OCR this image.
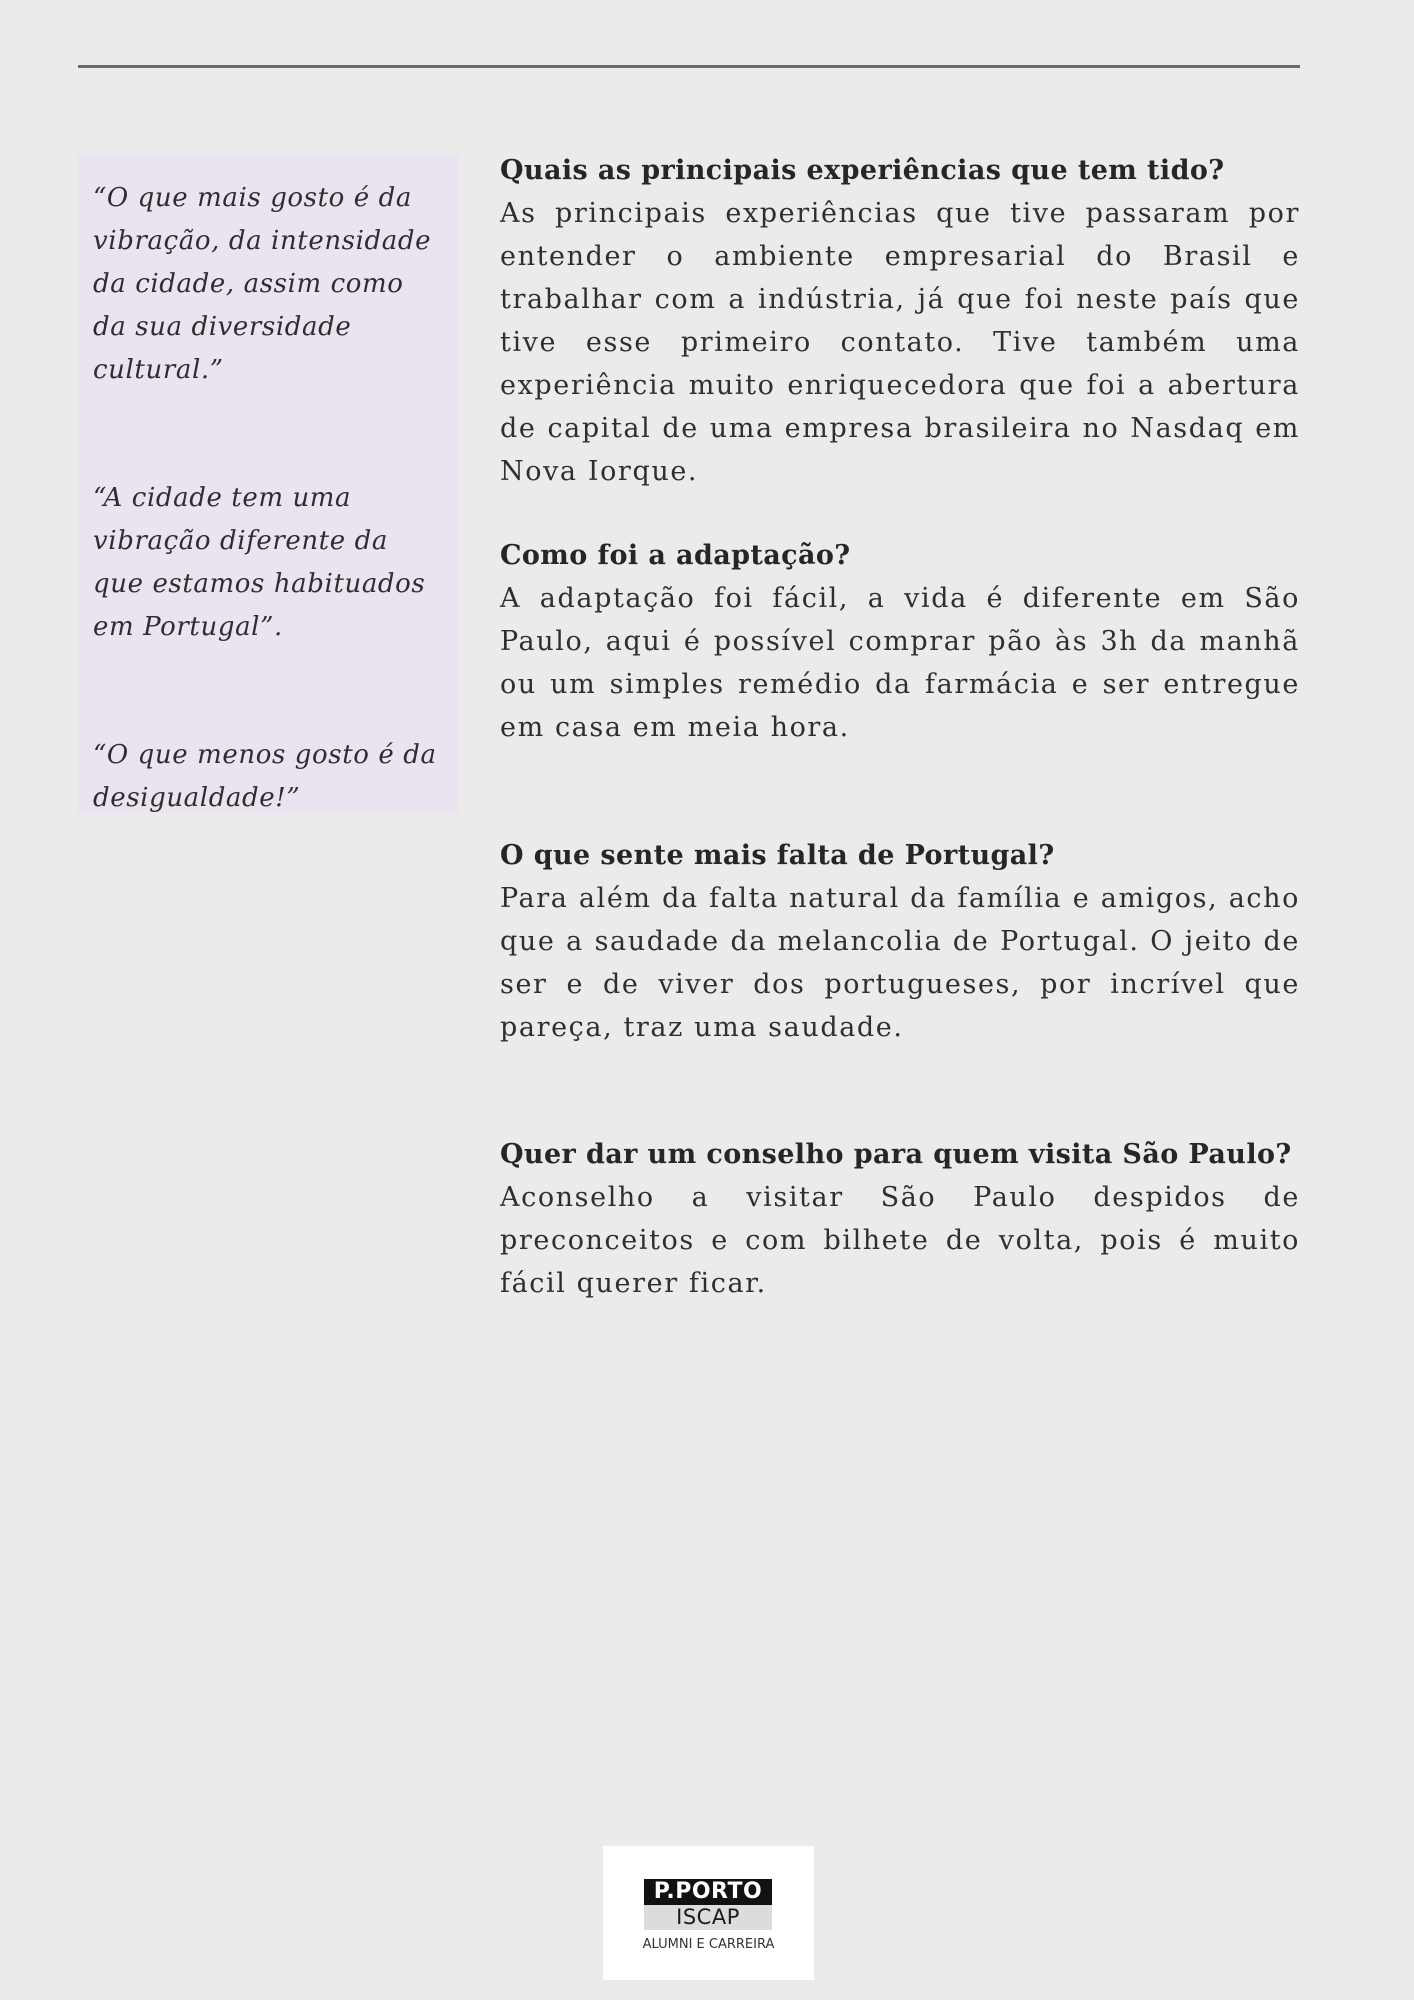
“O que mais gosto é da vibração, da intensidade da cidade, assim como da sua diversidade cultural.”

“A cidade tem uma vibração diferente da que estamos habituados em Portugal”.

“O que menos gosto é da desigualdade!”

Quais as principais experiências que tem tido?

As principais experiências que tive passaram por entender o ambiente empresarial do Brasil e trabalhar com a indústria, já que foi neste país que tive esse primeiro contato. Tive também uma experiência muito enriquecedora que foi a abertura de capital de uma empresa brasileira no Nasdaq em Nova Iorque.

Como foi a adaptação?

A adaptação foi fácil, a vida é diferente em São Paulo, aqui é possível comprar pão às 3h da manhã ou um simples remédio da farmácia e ser entregue em casa em meia hora.

O que sente mais falta de Portugal?

Para além da falta natural da família e amigos, acho que a saudade da melancolia de Portugal. O jeito de ser e de viver dos portugueses, por incrível que pareça, traz uma saudade.

Quer dar um conselho para quem visita São Paulo?

Aconselho a visitar São Paulo despidos de preconceitos e com bilhete de volta, pois é muito fácil querer ficar.

P.PORTO
ISCAP
ALUMNI E CARREIRA
